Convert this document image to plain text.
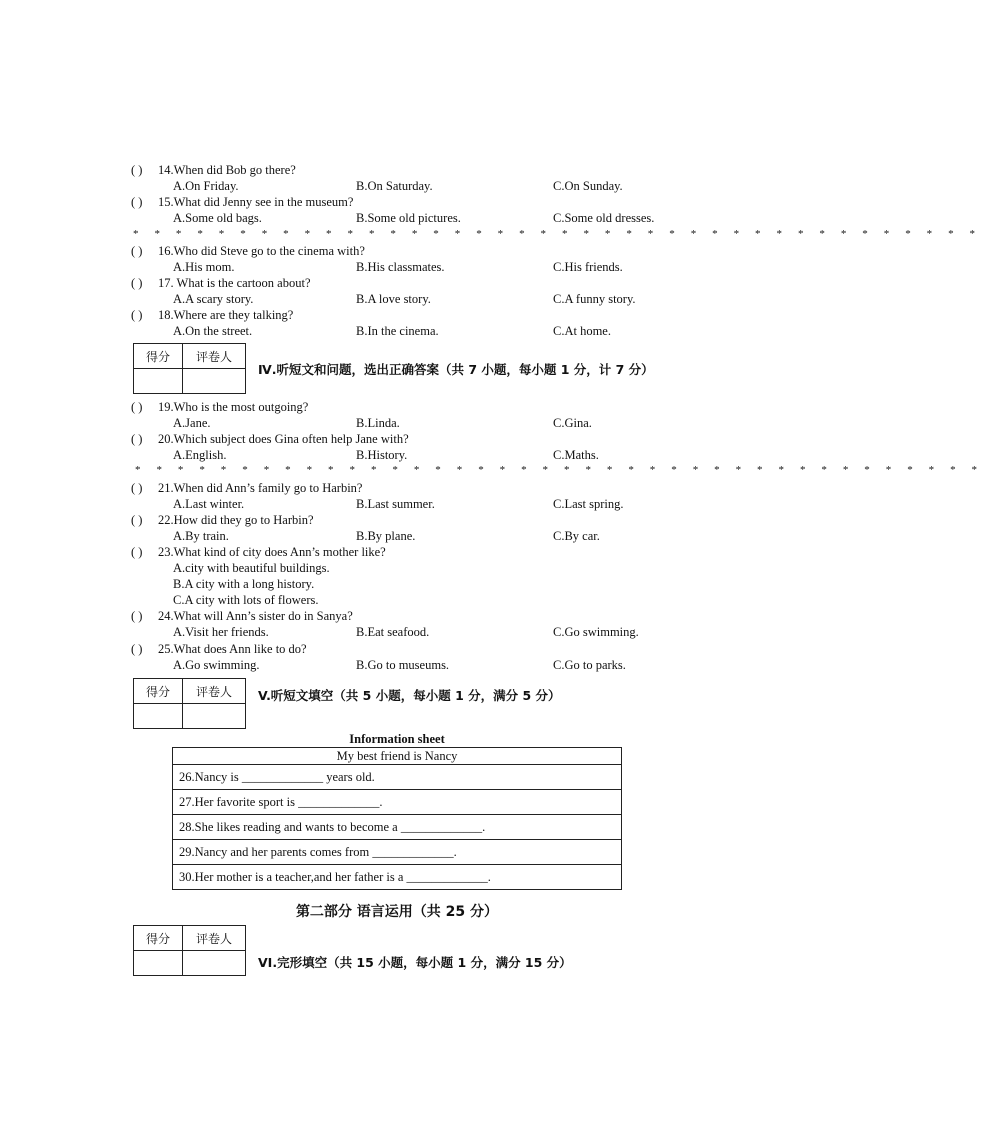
( ) 14.When did Bob go there?
A.On Friday.	B.On Saturday.	C.On Sunday.
( ) 15.What did Jenny see in the museum?
A.Some old bags.	B.Some old pictures.	C.Some old dresses.
* * * * * * * * * * * * * * * * * * * * * * * * * * * * * * * * * * * * * * * *
( ) 16.Who did Steve go to the cinema with?
A.His mom.	B.His classmates.	C.His friends.
( ) 17. What is the cartoon about?
A.A scary story.	B.A love story.	C.A funny story.
( ) 18.Where are they talking?
A.On the street.	B.In the cinema.	C.At home.
得分	评卷人

Ⅳ.听短文和问题，选出正确答案（共 7 小题，每小题 1 分，计 7 分）
( ) 19.Who is the most outgoing?
A.Jane.	B.Linda.	C.Gina.
( ) 20.Which subject does Gina often help Jane with?
A.English.	B.History.	C.Maths.
* * * * * * * * * * * * * * * * * * * * * * * * * * * * * * * * * * * * * * * *
( ) 21.When did Ann’s family go to Harbin?
A.Last winter.	B.Last summer.	C.Last spring.
( ) 22.How did they go to Harbin?
A.By train.	B.By plane.	C.By car.
( ) 23.What kind of city does Ann’s mother like?
A.city with beautiful buildings.
B.A city with a long history.
C.A city with lots of flowers.
( ) 24.What will Ann’s sister do in Sanya?
A.Visit her friends.	B.Eat seafood.	C.Go swimming.
( ) 25.What does Ann like to do?
A.Go swimming.	B.Go to museums.	C.Go to parks.
得分	评卷人
	V.听短文填空（共 5 小题，每小题 1 分，满分 5 分）
Information sheet
My best friend is Nancy
26.Nancy is _____________ years old.
27.Her favorite sport is _____________.
28.She likes reading and wants to become a _____________.
29.Nancy and her parents comes from _____________.
30.Her mother is a teacher,and her father is a _____________.
第二部分 语言运用（共 25 分）
得分	评卷人

VI.完形填空（共 15 小题，每小题 1 分，满分 15 分）
